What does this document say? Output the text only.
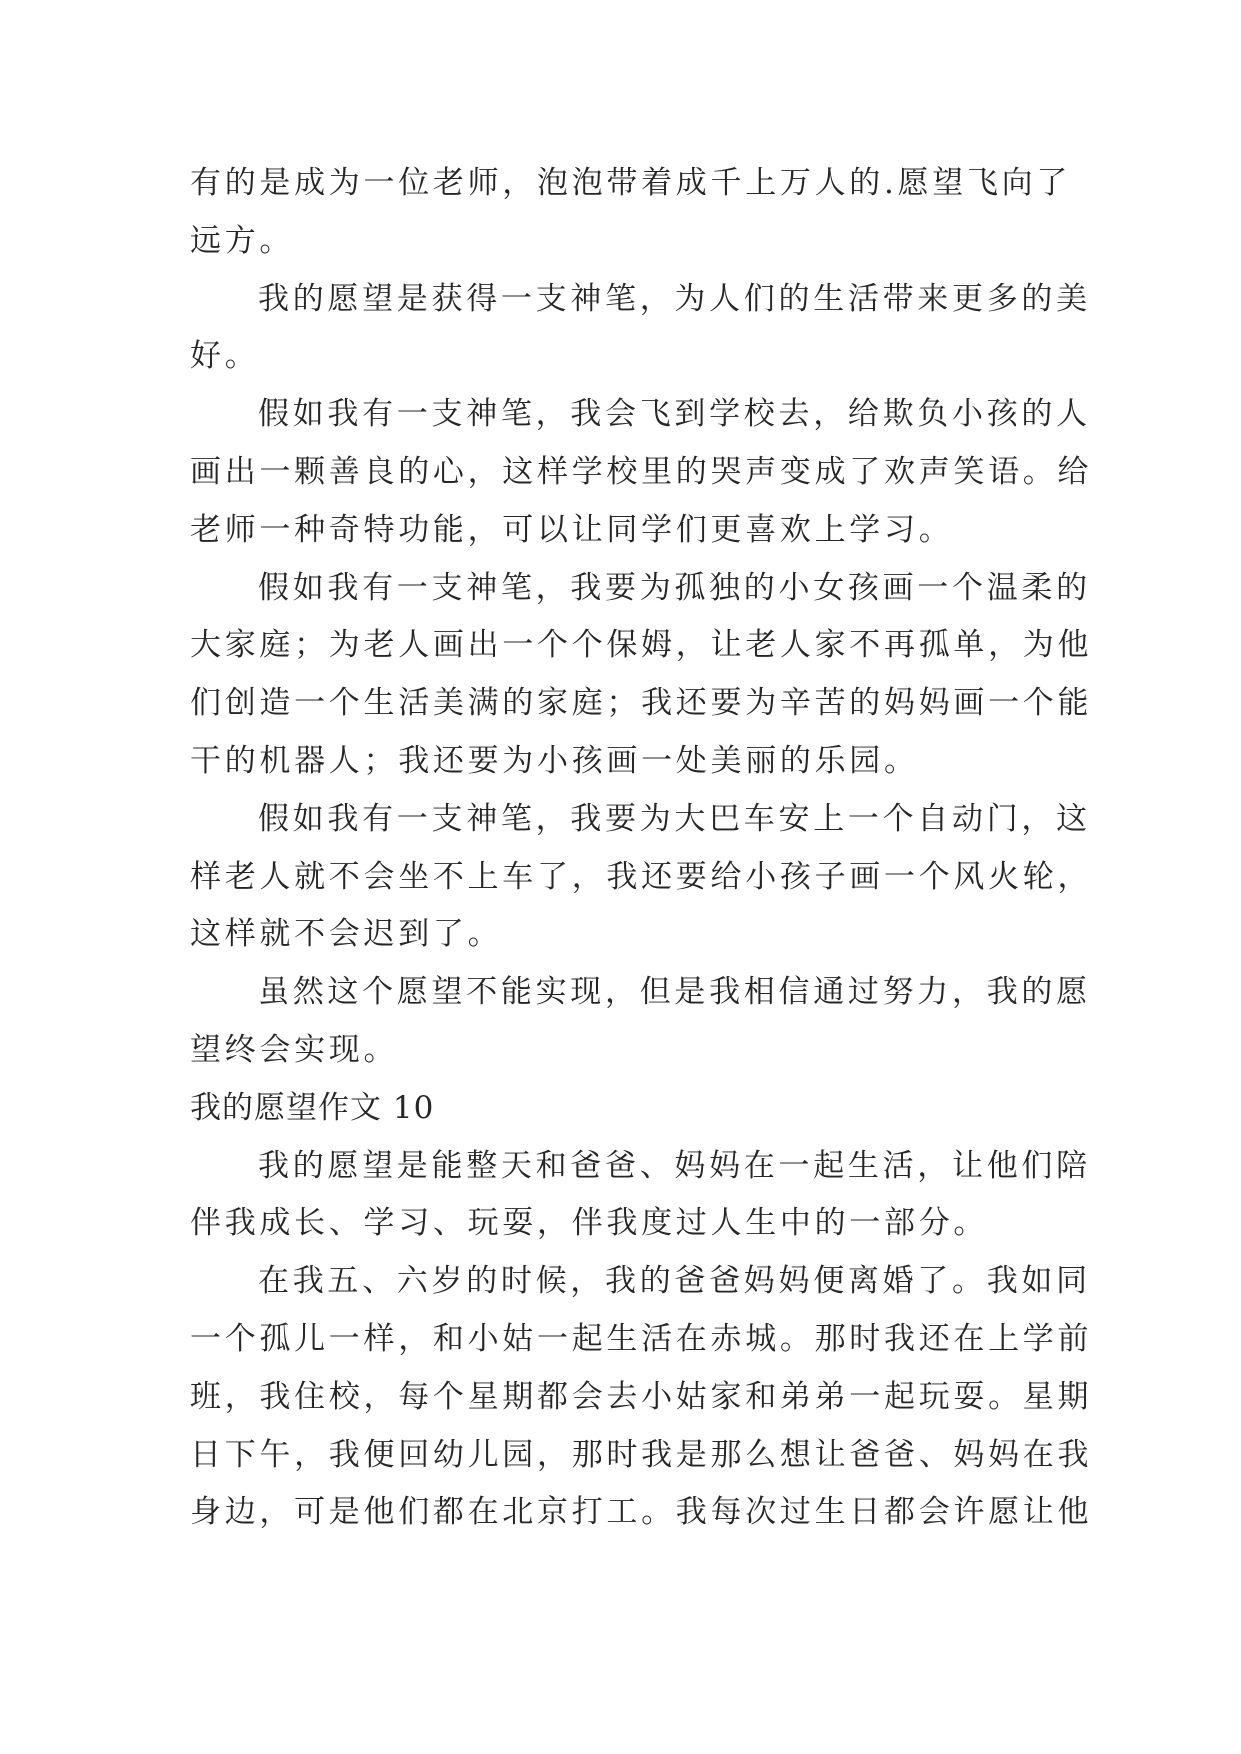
有的是成为一位老师，泡泡带着成千上万人的.愿望飞向了
远方。
我的愿望是获得一支神笔，为人们的生活带来更多的美
好。
假如我有一支神笔，我会飞到学校去，给欺负小孩的人
画出一颗善良的心，这样学校里的哭声变成了欢声笑语。给
老师一种奇特功能，可以让同学们更喜欢上学习。
假如我有一支神笔，我要为孤独的小女孩画一个温柔的
大家庭；为老人画出一个个保姆，让老人家不再孤单，为他
们创造一个生活美满的家庭；我还要为辛苦的妈妈画一个能
干的机器人；我还要为小孩画一处美丽的乐园。
假如我有一支神笔，我要为大巴车安上一个自动门，这
样老人就不会坐不上车了，我还要给小孩子画一个风火轮，
这样就不会迟到了。
虽然这个愿望不能实现，但是我相信通过努力，我的愿
望终会实现。
我的愿望作文 10
我的愿望是能整天和爸爸、妈妈在一起生活，让他们陪
伴我成长、学习、玩耍，伴我度过人生中的一部分。
在我五、六岁的时候，我的爸爸妈妈便离婚了。我如同
一个孤儿一样，和小姑一起生活在赤城。那时我还在上学前
班，我住校，每个星期都会去小姑家和弟弟一起玩耍。星期
日下午，我便回幼儿园，那时我是那么想让爸爸、妈妈在我
身边，可是他们都在北京打工。我每次过生日都会许愿让他
